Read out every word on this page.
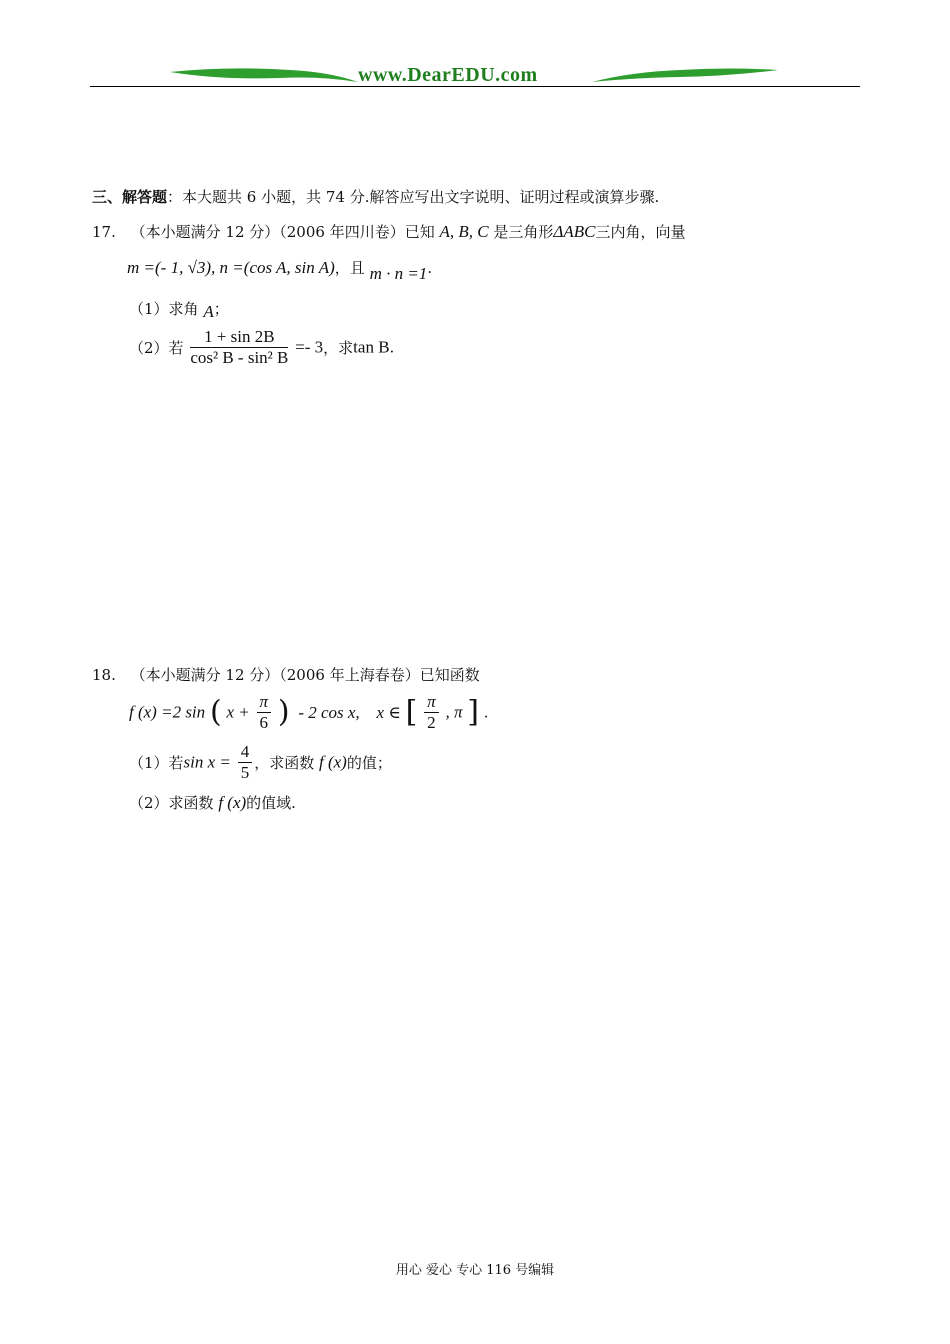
www.DearEDU.com
三、解答题：本大题共 6 小题，共 74 分.解答应写出文字说明、证明过程或演算步骤.
17. （本小题满分 12 分）（2006 年四川卷）已知 A, B, C 是三角形ΔABC三内角，向量
m =(- 1, √3), n =(cos A, sin A)，且 m · n =1.
（1）求角 A；
（2）若 $\frac{1 + \sin 2B}{\text{cos² B - sin² B}} =- 3$，求tan B.
18. （本小题满分 12 分）（2006 年上海春卷）已知函数
f (x) =2 sin ( $x + \frac{\pi}{6}$ ) - 2 cos x, x ∈ [ $\frac{\pi}{2}$ , π ] .
（1）若$\sin x = \frac{4}{5}$ ，求函数 f (x)的值；
（2）求函数 f (x)的值域.
用心 爱心 专心 116 号编辑
